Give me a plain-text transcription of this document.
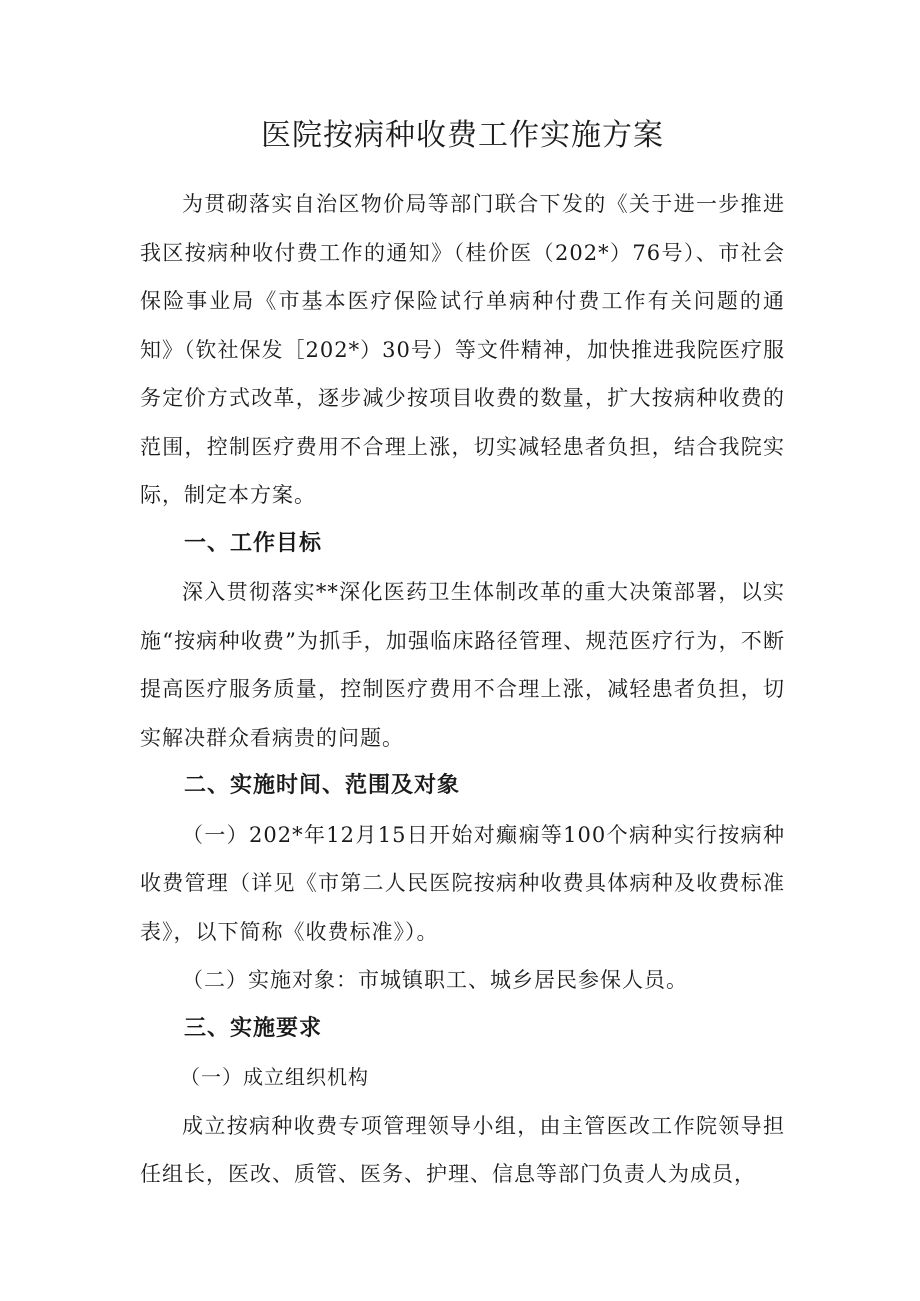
医院按病种收费工作实施方案

为贯砌落实自治区物价局等部门联合下发的《关于进一步推进我区按病种收付费工作的通知》（桂价医（202*）76号）、市社会保险事业局《市基本医疗保险试行单病种付费工作有关问题的通知》（钦社保发［202*）30号）等文件精神，加快推进我院医疗服务定价方式改革，逐步减少按项目收费的数量，扩大按病种收费的范围，控制医疗费用不合理上涨，切实减轻患者负担，结合我院实际，制定本方案。

一、工作目标

深入贯彻落实**深化医药卫生体制改革的重大决策部署，以实施“按病种收费”为抓手，加强临床路径管理、规范医疗行为，不断提高医疗服务质量，控制医疗费用不合理上涨，减轻患者负担，切实解决群众看病贵的问题。

二、实施时间、范围及对象

（一）202*年12月15日开始对癫痫等100个病种实行按病种收费管理（详见《市第二人民医院按病种收费具体病种及收费标准表》，以下简称《收费标准》）。

（二）实施对象：市城镇职工、城乡居民参保人员。

三、实施要求

（一）成立组织机构

成立按病种收费专项管理领导小组，由主管医改工作院领导担任组长，医改、质管、医务、护理、信息等部门负责人为成员，
